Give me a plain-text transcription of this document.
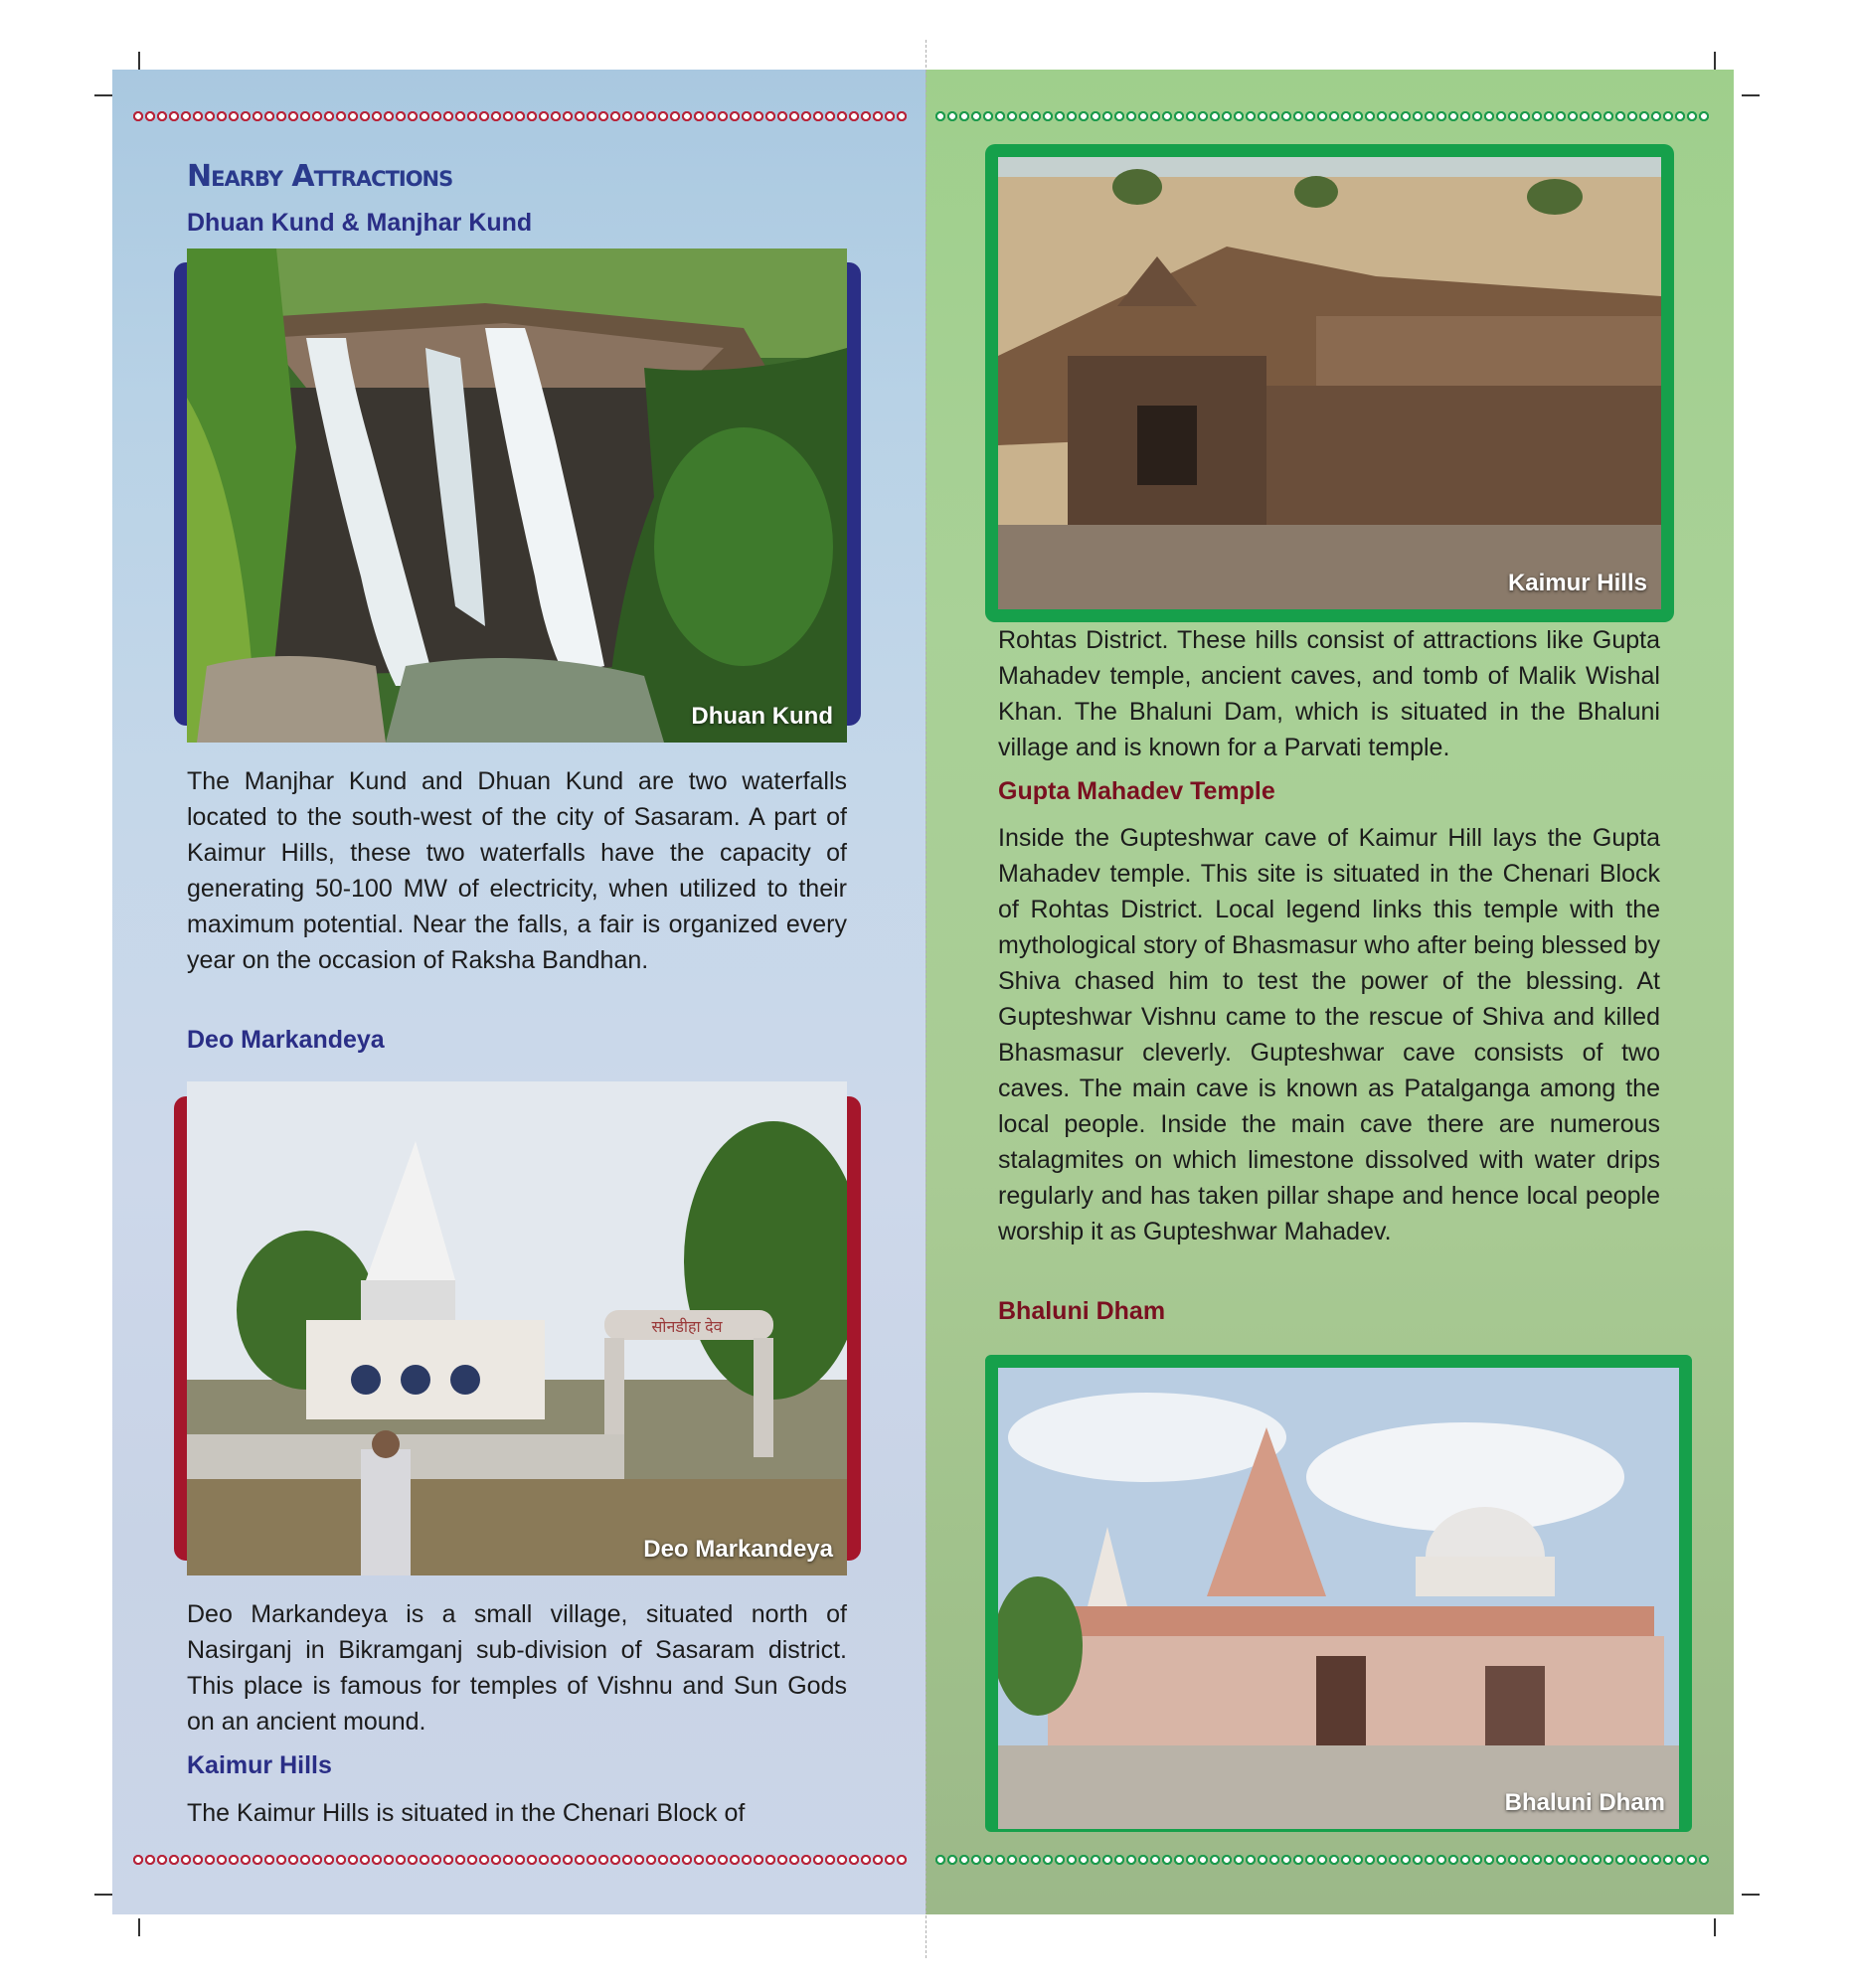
Nearby Attractions
Dhuan Kund & Manjhar Kund
Dhuan Kund

The Manjhar Kund and Dhuan Kund are two waterfalls located to the south-west of the city of Sasaram. A part of Kaimur Hills, these two waterfalls have the capacity of generating 50-100 MW of electricity, when utilized to their maximum potential. Near the falls, a fair is organized every year on the occasion of Raksha Bandhan.

Deo Markandeya
सोनडीहा देव
Deo Markandeya

Deo Markandeya is a small village, situated north of Nasirganj in Bikramganj sub-division of Sasaram district. This place is famous for temples of Vishnu and Sun Gods on an ancient mound.

Kaimur Hills

The Kaimur Hills is situated in the Chenari Block of

Kaimur Hills

Rohtas District. These hills consist of attractions like Gupta Mahadev temple, ancient caves, and tomb of Malik Wishal Khan. The Bhaluni Dam, which is situated in the Bhaluni village and is known for a Parvati temple.

Gupta Mahadev Temple

Inside the Gupteshwar cave of Kaimur Hill lays the Gupta Mahadev temple. This site is situated in the Chenari Block of Rohtas District. Local legend links this temple with the mythological story of Bhasmasur who after being blessed by Shiva chased him to test the power of the blessing. At Gupteshwar Vishnu came to the rescue of Shiva and killed Bhasmasur cleverly. Gupteshwar cave consists of two caves. The main cave is known as Patalganga among the local people. Inside the main cave there are numerous stalagmites on which limestone dissolved with water drips regularly and has taken pillar shape and hence local people worship it as Gupteshwar Mahadev.

Bhaluni Dham
Bhaluni Dham
